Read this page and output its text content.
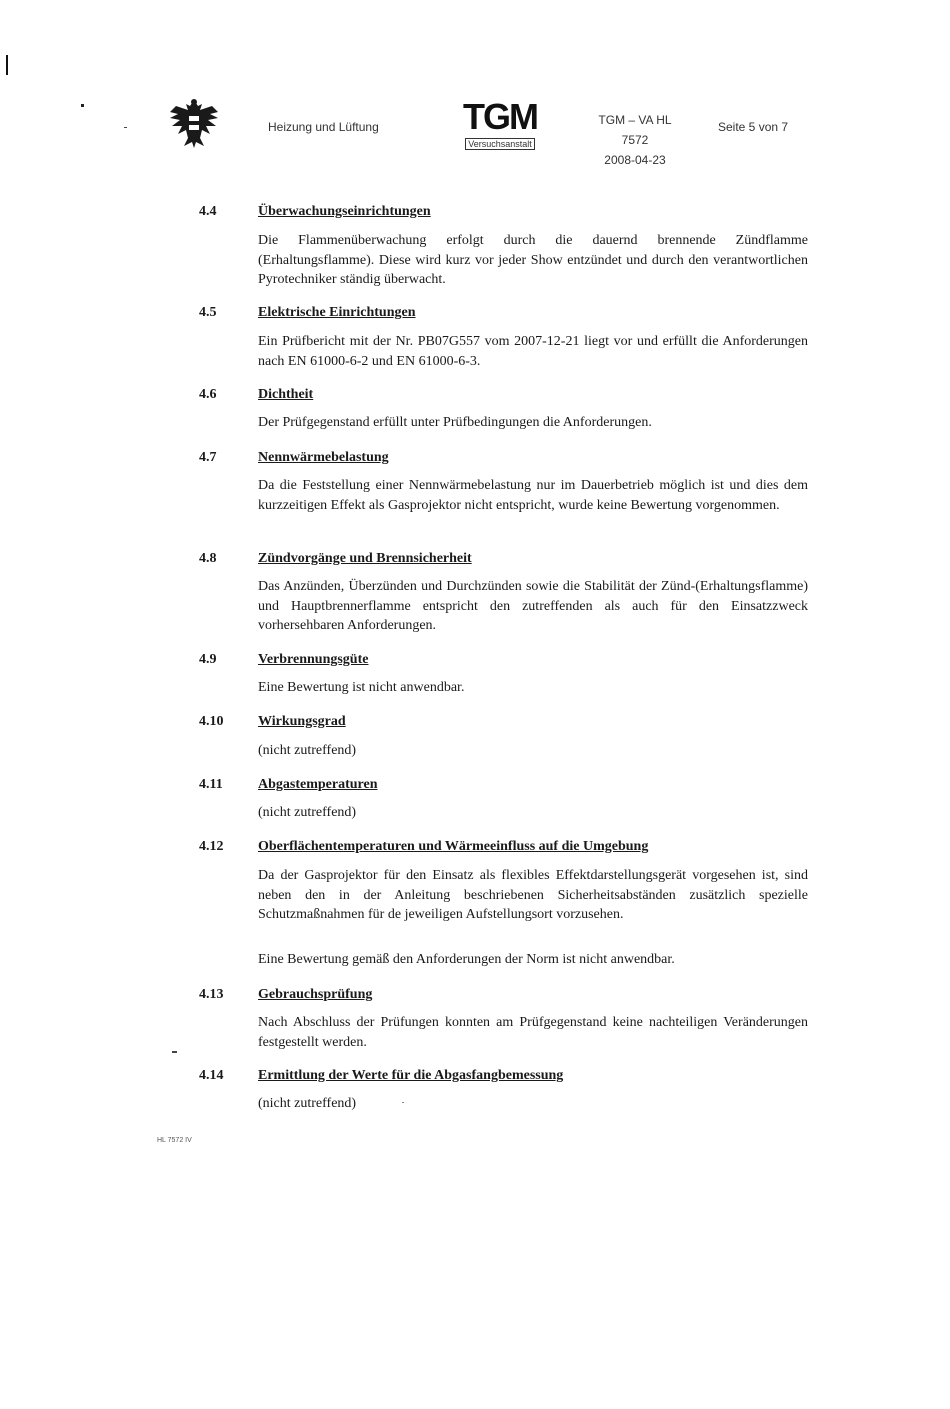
Heizung und Lüftung TGM
Versuchsanstalt
TGM – VA HL 7572
2008-04-23
Seite 5 von 7
4.4	Überwachungseinrichtungen
Die Flammenüberwachung erfolgt durch die dauernd brennende Zündflamme (Erhaltungsflamme). Diese wird kurz vor jeder Show entzündet und durch den verantwortlichen Pyrotechniker ständig überwacht.
4.5	Elektrische Einrichtungen
Ein Prüfbericht mit der Nr. PB07G557 vom 2007-12-21 liegt vor und erfüllt die Anforderungen nach EN 61000-6-2 und EN 61000-6-3.
4.6	Dichtheit
Der Prüfgegenstand erfüllt unter Prüfbedingungen die Anforderungen.
4.7	Nennwärmebelastung
Da die Feststellung einer Nennwärmebelastung nur im Dauerbetrieb möglich ist und dies dem kurzzeitigen Effekt als Gasprojektor nicht entspricht, wurde keine Bewertung vorgenommen.
4.8	Zündvorgänge und Brennsicherheit
Das Anzünden, Überzünden und Durchzünden sowie die Stabilität der Zünd-(Erhaltungsflamme) und Hauptbrennerflamme entspricht den zutreffenden als auch für den Einsatzzweck vorhersehbaren Anforderungen.
4.9	Verbrennungsgüte
Eine Bewertung ist nicht anwendbar.
4.10 Wirkungsgrad
(nicht zutreffend)
4.11	Abgastemperaturen
(nicht zutreffend)
4.12 Oberflächentemperaturen und Wärmeeinfluss auf die Umgebung
Da der Gasprojektor für den Einsatz als flexibles Effektdarstellungsgerät vorgesehen ist, sind neben den in der Anleitung beschriebenen Sicherheitsabständen zusätzlich spezielle Schutzmaßnahmen für de jeweiligen Aufstellungsort vorzusehen.
Eine Bewertung gemäß den Anforderungen der Norm ist nicht anwendbar.
4.13 Gebrauchsprüfung
Nach Abschluss der Prüfungen konnten am Prüfgegenstand keine nachteiligen Veränderungen festgestellt werden.
4.14 Ermittlung der Werte für die Abgasfangbemessung
(nicht zutreffend)
HL 7572 IV
